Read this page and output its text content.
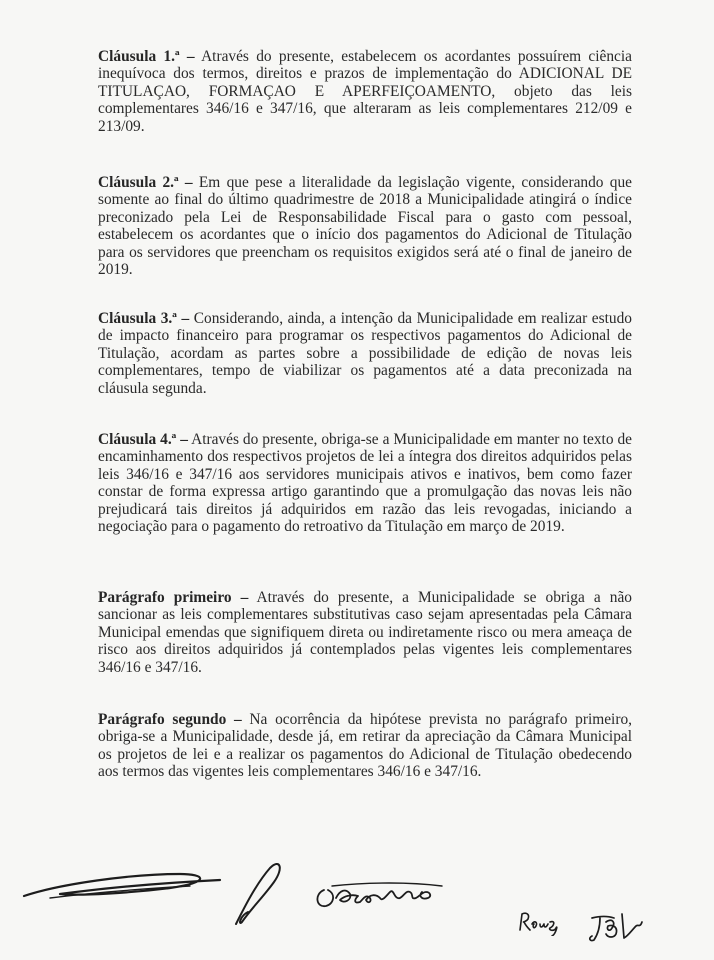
Cláusula 1.ª – Através do presente, estabelecem os acordantes possuírem ciência inequívoca dos termos, direitos e prazos de implementação do ADICIONAL DE TITULAÇAO, FORMAÇAO E APERFEIÇOAMENTO, objeto das leis complementares 346/16 e 347/16, que alteraram as leis complementares 212/09 e 213/09.

Cláusula 2.ª – Em que pese a literalidade da legislação vigente, considerando que somente ao final do último quadrimestre de 2018 a Municipalidade atingirá o índice preconizado pela Lei de Responsabilidade Fiscal para o gasto com pessoal, estabelecem os acordantes que o início dos pagamentos do Adicional de Titulação para os servidores que preencham os requisitos exigidos será até o final de janeiro de 2019.

Cláusula 3.ª – Considerando, ainda, a intenção da Municipalidade em realizar estudo de impacto financeiro para programar os respectivos pagamentos do Adicional de Titulação, acordam as partes sobre a possibilidade de edição de novas leis complementares, tempo de viabilizar os pagamentos até a data preconizada na cláusula segunda.

Cláusula 4.ª – Através do presente, obriga-se a Municipalidade em manter no texto de encaminhamento dos respectivos projetos de lei a íntegra dos direitos adquiridos pelas leis 346/16 e 347/16 aos servidores municipais ativos e inativos, bem como fazer constar de forma expressa artigo garantindo que a promulgação das novas leis não prejudicará tais direitos já adquiridos em razão das leis revogadas, iniciando a negociação para o pagamento do retroativo da Titulação em março de 2019.

Parágrafo primeiro – Através do presente, a Municipalidade se obriga a não sancionar as leis complementares substitutivas caso sejam apresentadas pela Câmara Municipal emendas que signifiquem direta ou indiretamente risco ou mera ameaça de risco aos direitos adquiridos já contemplados pelas vigentes leis complementares 346/16 e 347/16.

Parágrafo segundo – Na ocorrência da hipótese prevista no parágrafo primeiro, obriga-se a Municipalidade, desde já, em retirar da apreciação da Câmara Municipal os projetos de lei e a realizar os pagamentos do Adicional de Titulação obedecendo aos termos das vigentes leis complementares 346/16 e 347/16.
